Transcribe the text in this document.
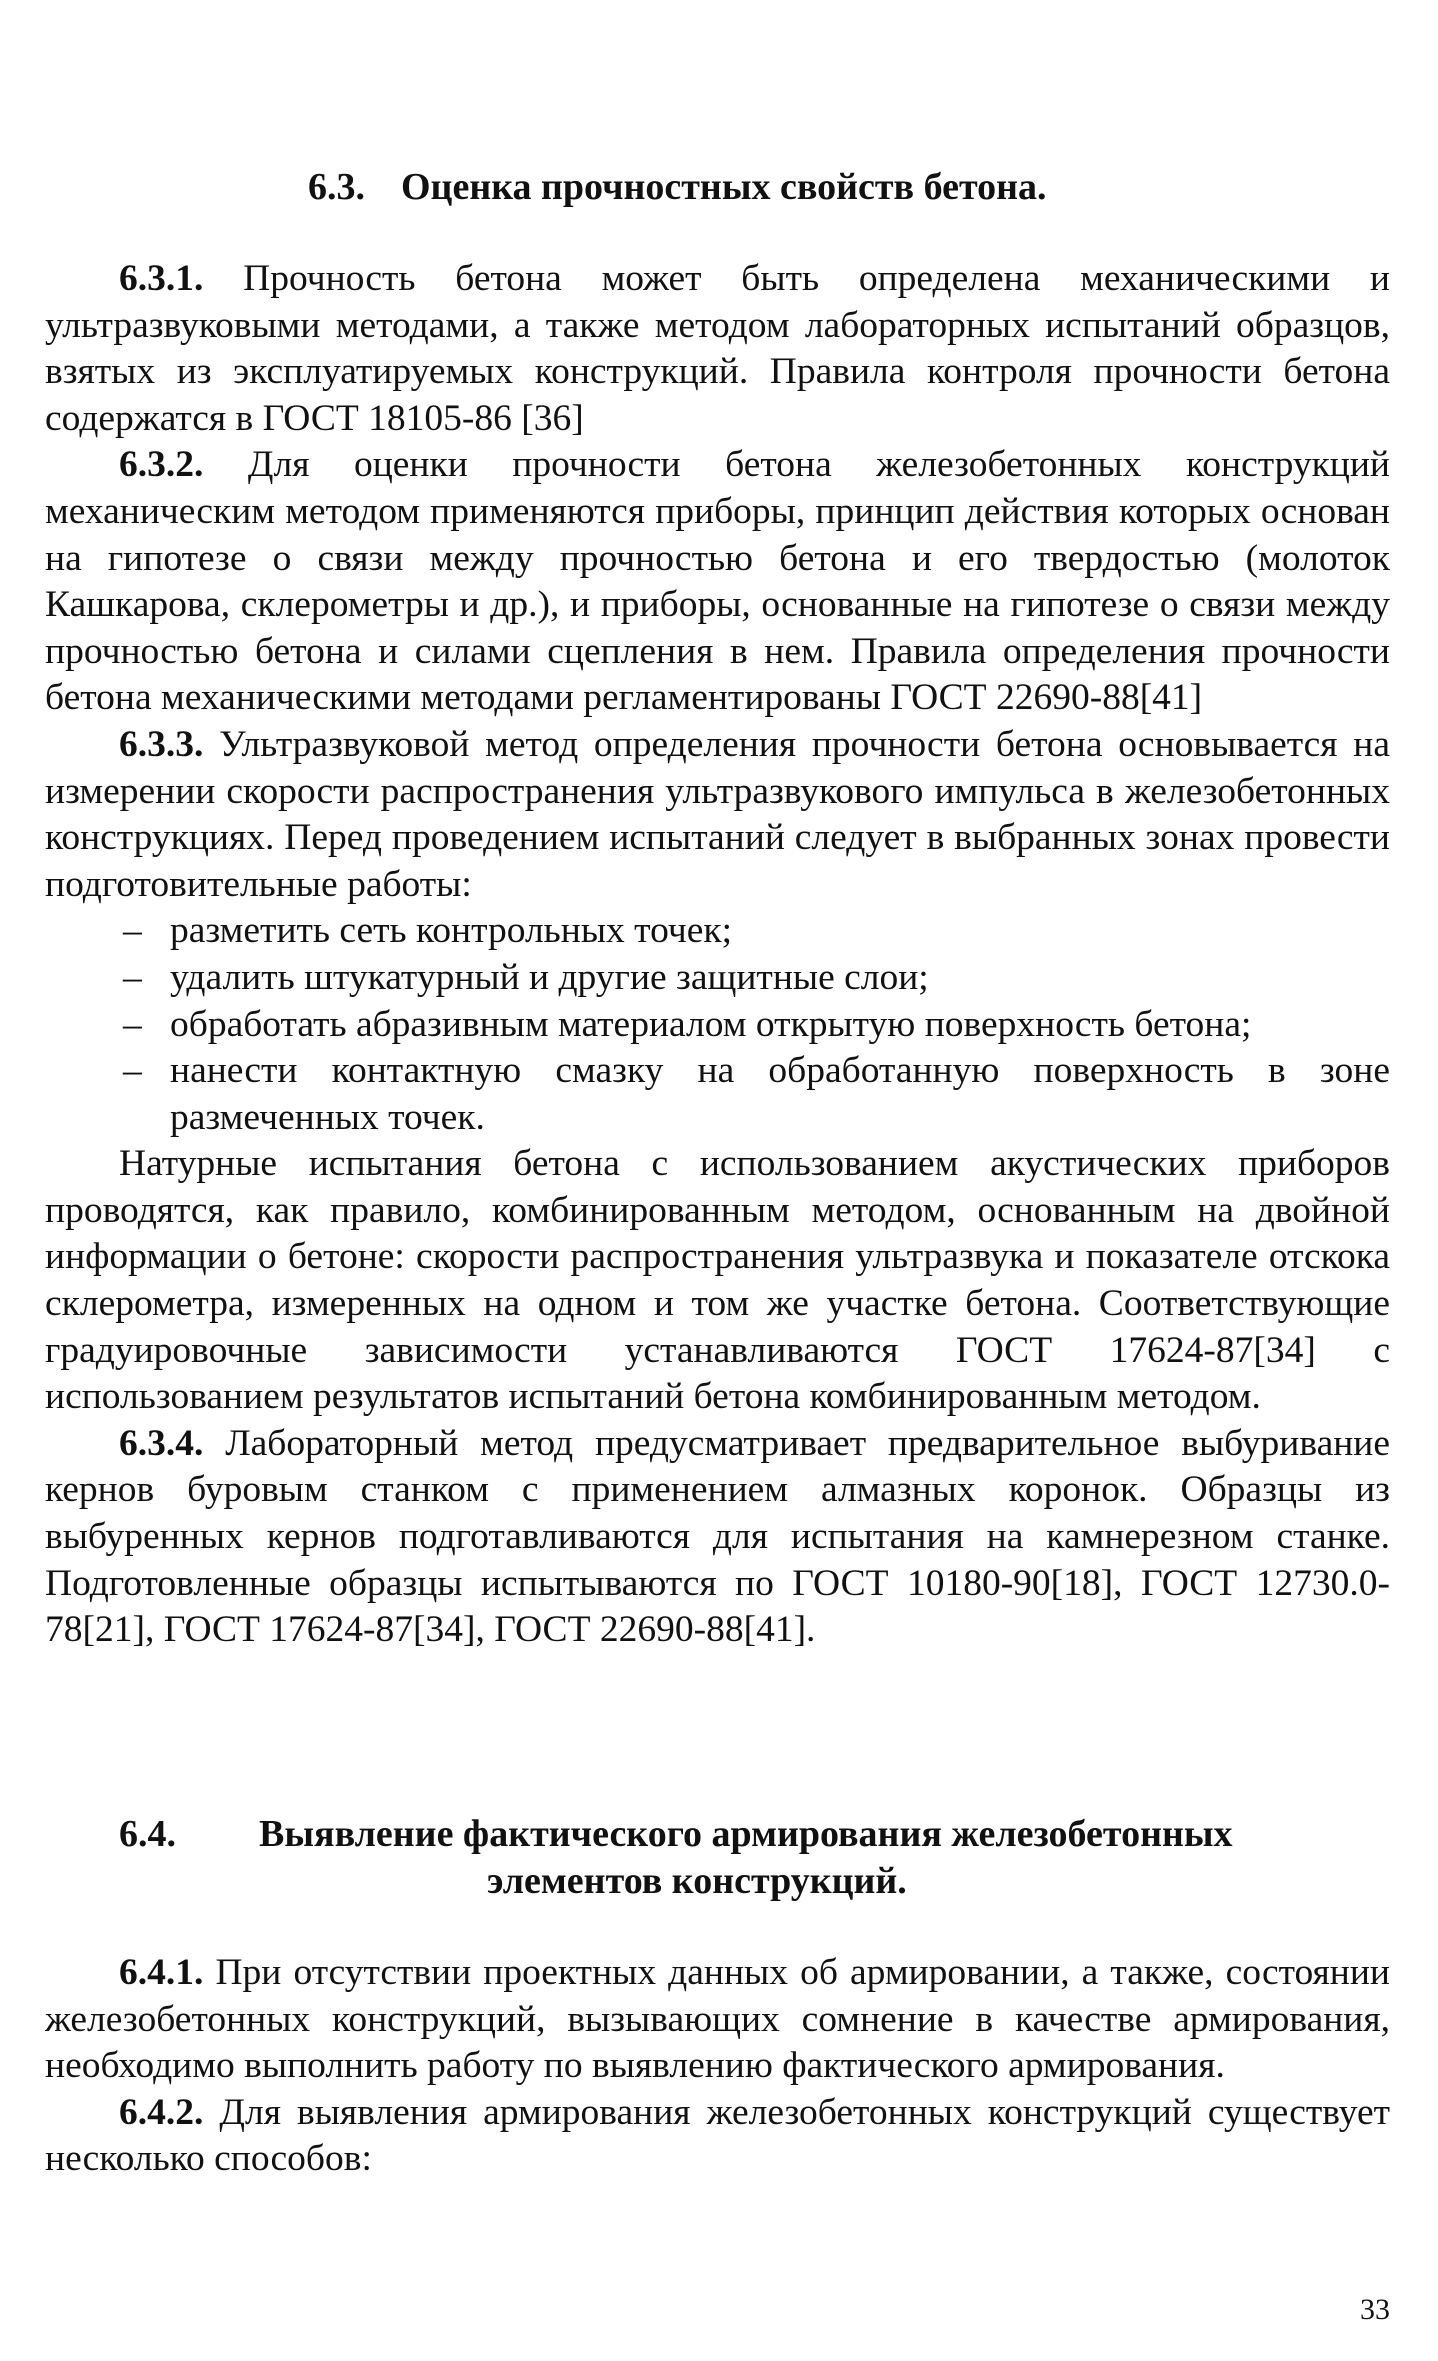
6.3. Оценка прочностных свойств бетона.

6.3.1. Прочность бетона может быть определена механическими и ультразвуковыми методами, а также методом лабораторных испытаний образцов, взятых из эксплуатируемых конструкций. Правила контроля прочности бетона содержатся в ГОСТ 18105-86 [36]

6.3.2. Для оценки прочности бетона железобетонных конструкций механическим методом применяются приборы, принцип действия которых основан на гипотезе о связи между прочностью бетона и его твердостью (молоток Кашкарова, склерометры и др.), и приборы, основанные на гипотезе о связи между прочностью бетона и силами сцепления в нем. Правила определения прочности бетона механическими методами регламентированы ГОСТ 22690-88[41]

6.3.3. Ультразвуковой метод определения прочности бетона основывается на измерении скорости распространения ультразвукового импульса в железобетонных конструкциях. Перед проведением испытаний следует в выбранных зонах провести подготовительные работы:

– разметить сеть контрольных точек;
– удалить штукатурный и другие защитные слои;
– обработать абразивным материалом открытую поверхность бетона;
– нанести контактную смазку на обработанную поверхность в зоне размеченных точек.

Натурные испытания бетона с использованием акустических приборов проводятся, как правило, комбинированным методом, основанным на двойной информации о бетоне: скорости распространения ультразвука и показателе отскока склерометра, измеренных на одном и том же участке бетона. Соответствующие градуировочные зависимости устанавливаются ГОСТ 17624-87[34] с использованием результатов испытаний бетона комбинированным методом.

6.3.4. Лабораторный метод предусматривает предварительное выбуривание кернов буровым станком с применением алмазных коронок. Образцы из выбуренных кернов подготавливаются для испытания на камнерезном станке. Подготовленные образцы испытываются по ГОСТ 10180-90[18], ГОСТ 12730.0-78[21], ГОСТ 17624-87[34], ГОСТ 22690-88[41].

6.4. Выявление фактического армирования железобетонных
элементов конструкций.

6.4.1. При отсутствии проектных данных об армировании, а также, состоянии железобетонных конструкций, вызывающих сомнение в качестве армирования, необходимо выполнить работу по выявлению фактического армирования.

6.4.2. Для выявления армирования железобетонных конструкций существует несколько способов:

33
